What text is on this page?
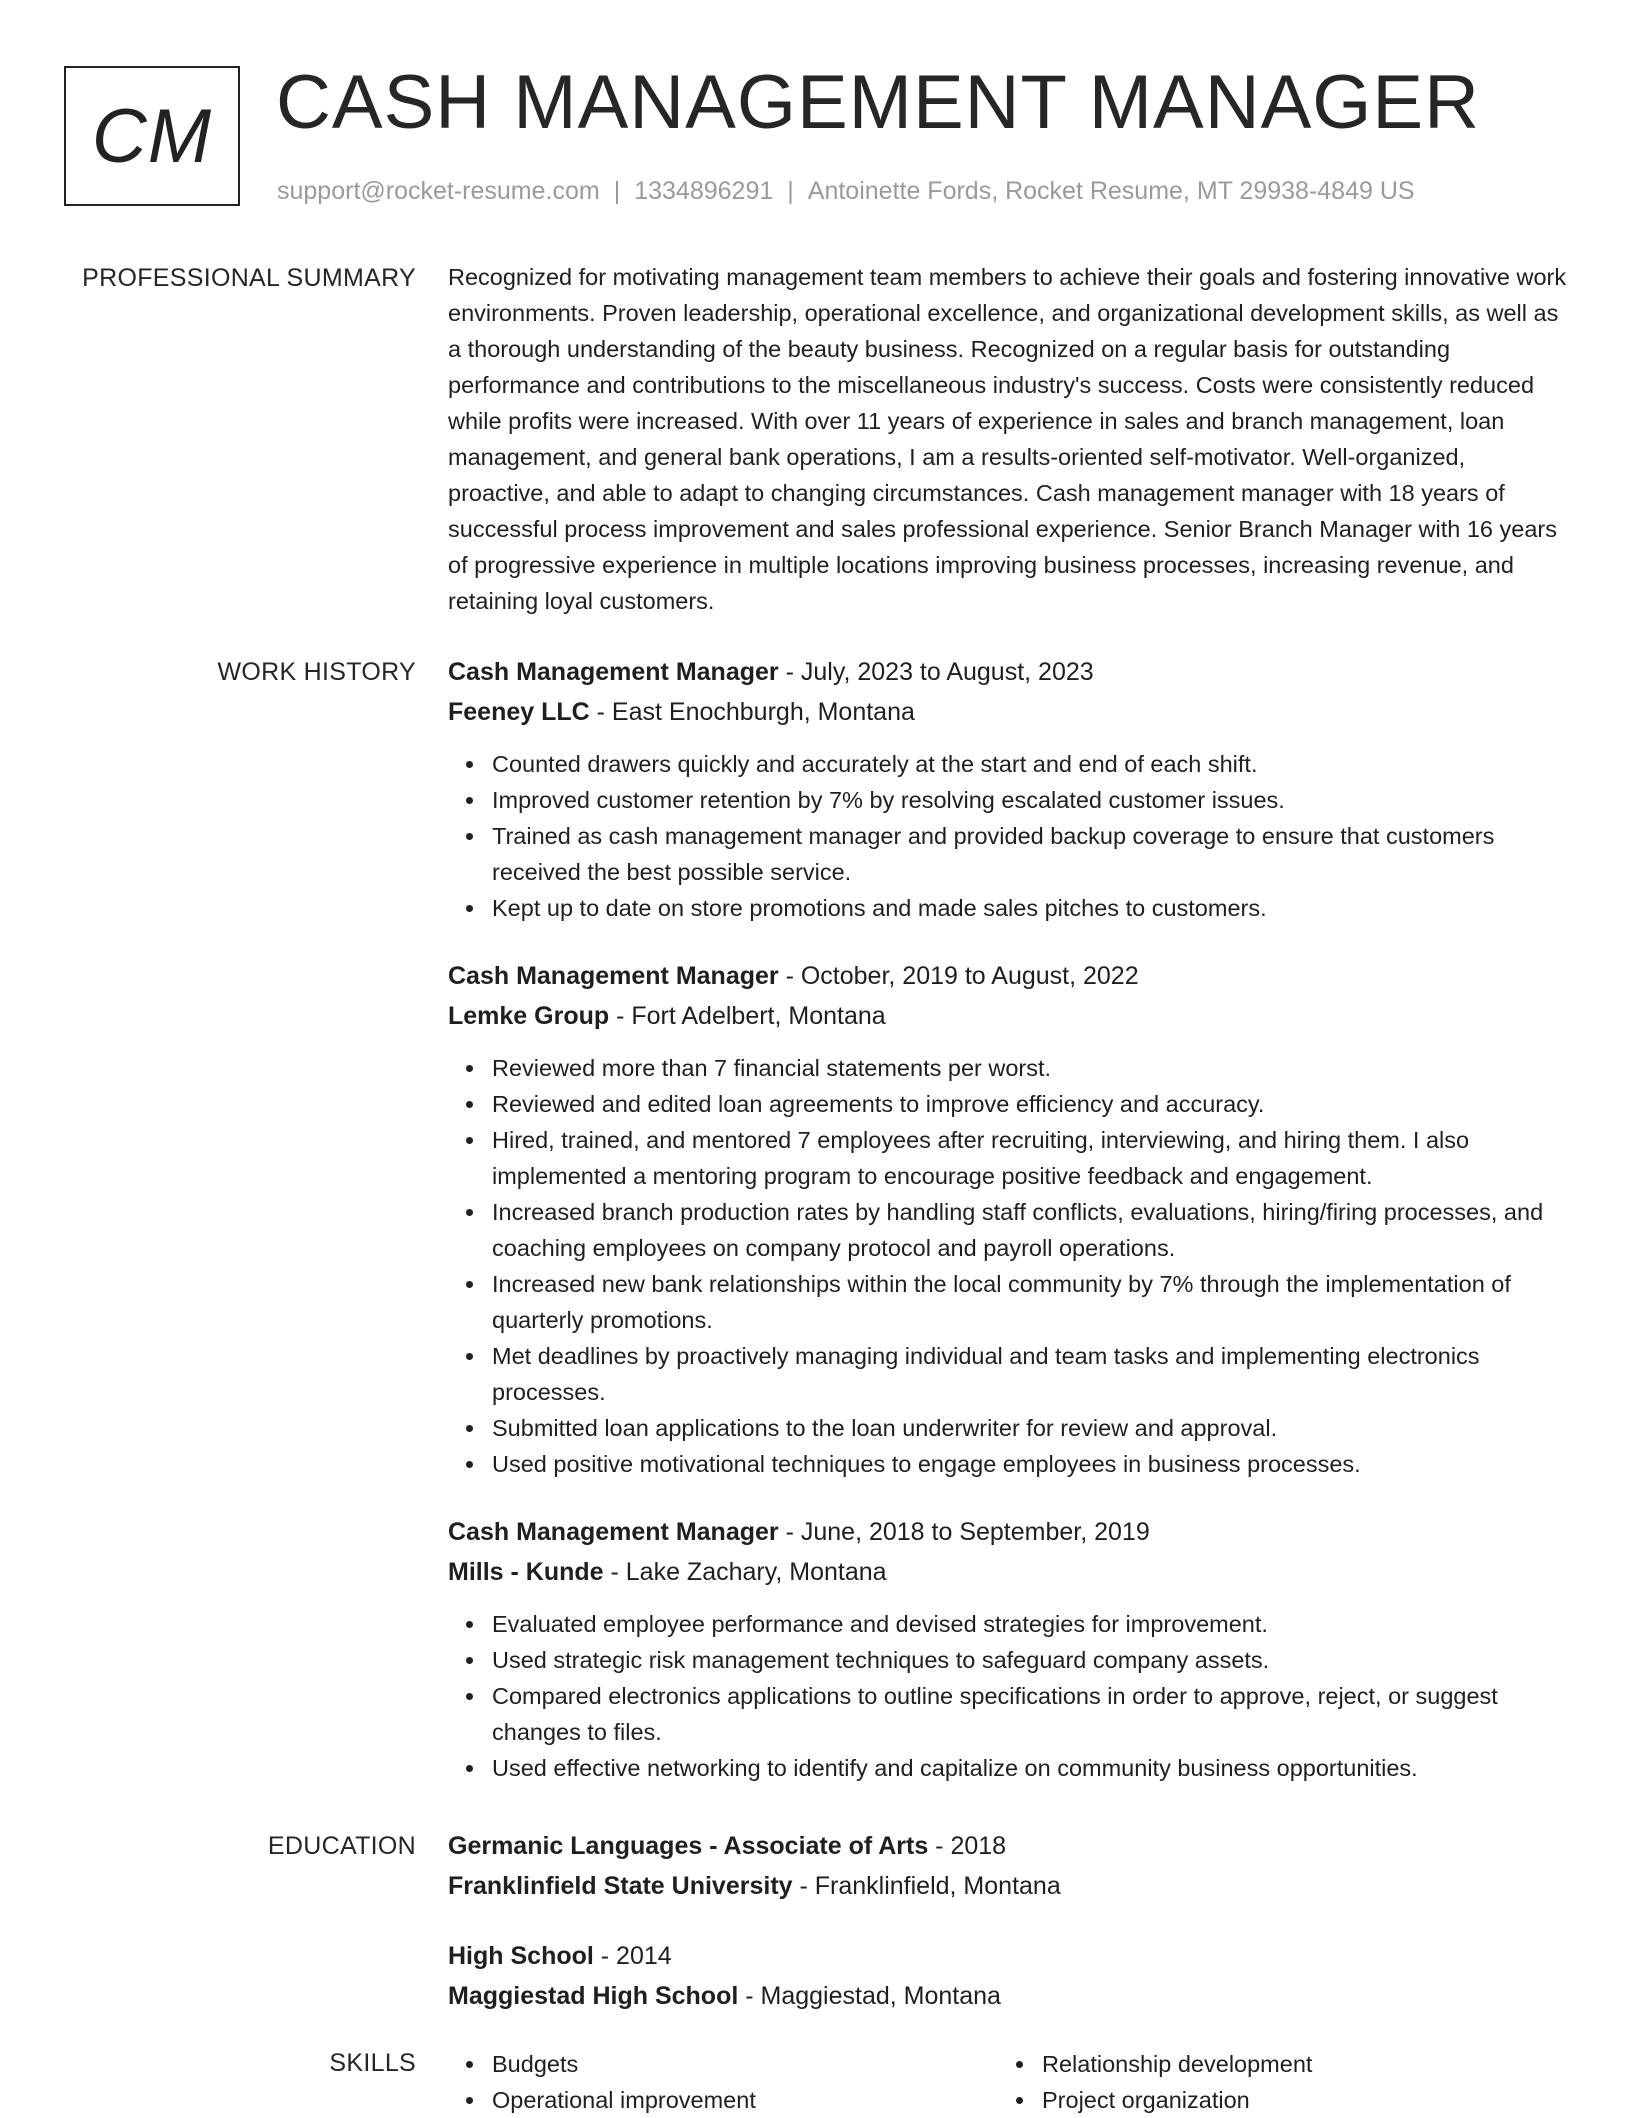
CM CASH MANAGEMENT MANAGER
support@rocket-resume.com | 1334896291 | Antoinette Fords, Rocket Resume, MT 29938-4849 US
PROFESSIONAL SUMMARY Recognized for motivating management team members to achieve their goals and fostering innovative work environments. Proven leadership, operational excellence, and organizational development skills, as well as a thorough understanding of the beauty business. Recognized on a regular basis for outstanding performance and contributions to the miscellaneous industry's success. Costs were consistently reduced while profits were increased. With over 11 years of experience in sales and branch management, loan management, and general bank operations, I am a results-oriented self-motivator. Well-organized, proactive, and able to adapt to changing circumstances. Cash management manager with 18 years of successful process improvement and sales professional experience. Senior Branch Manager with 16 years of progressive experience in multiple locations improving business processes, increasing revenue, and retaining loyal customers.

WORK HISTORY Cash Management Manager - July, 2023 to August, 2023
Feeney LLC - East Enochburgh, Montana
Counted drawers quickly and accurately at the start and end of each shift.
Improved customer retention by 7% by resolving escalated customer issues.
Trained as cash management manager and provided backup coverage to ensure that customers received the best possible service.
Kept up to date on store promotions and made sales pitches to customers.
Cash Management Manager - October, 2019 to August, 2022
Lemke Group - Fort Adelbert, Montana
Reviewed more than 7 financial statements per worst.
Reviewed and edited loan agreements to improve efficiency and accuracy.
Hired, trained, and mentored 7 employees after recruiting, interviewing, and hiring them. I also implemented a mentoring program to encourage positive feedback and engagement.
Increased branch production rates by handling staff conflicts, evaluations, hiring/firing processes, and coaching employees on company protocol and payroll operations.
Increased new bank relationships within the local community by 7% through the implementation of quarterly promotions.
Met deadlines by proactively managing individual and team tasks and implementing electronics processes.
Submitted loan applications to the loan underwriter for review and approval.
Used positive motivational techniques to engage employees in business processes.
Cash Management Manager - June, 2018 to September, 2019
Mills - Kunde - Lake Zachary, Montana
Evaluated employee performance and devised strategies for improvement.
Used strategic risk management techniques to safeguard company assets.
Compared electronics applications to outline specifications in order to approve, reject, or suggest changes to files.
Used effective networking to identify and capitalize on community business opportunities.
EDUCATION Germanic Languages - Associate of Arts - 2018
Franklinfield State University - Franklinfield, Montana
High School - 2014
Maggiestad High School - Maggiestad, Montana
SKILLS	Budgets
Operational improvement
Relationship development
Project organization
